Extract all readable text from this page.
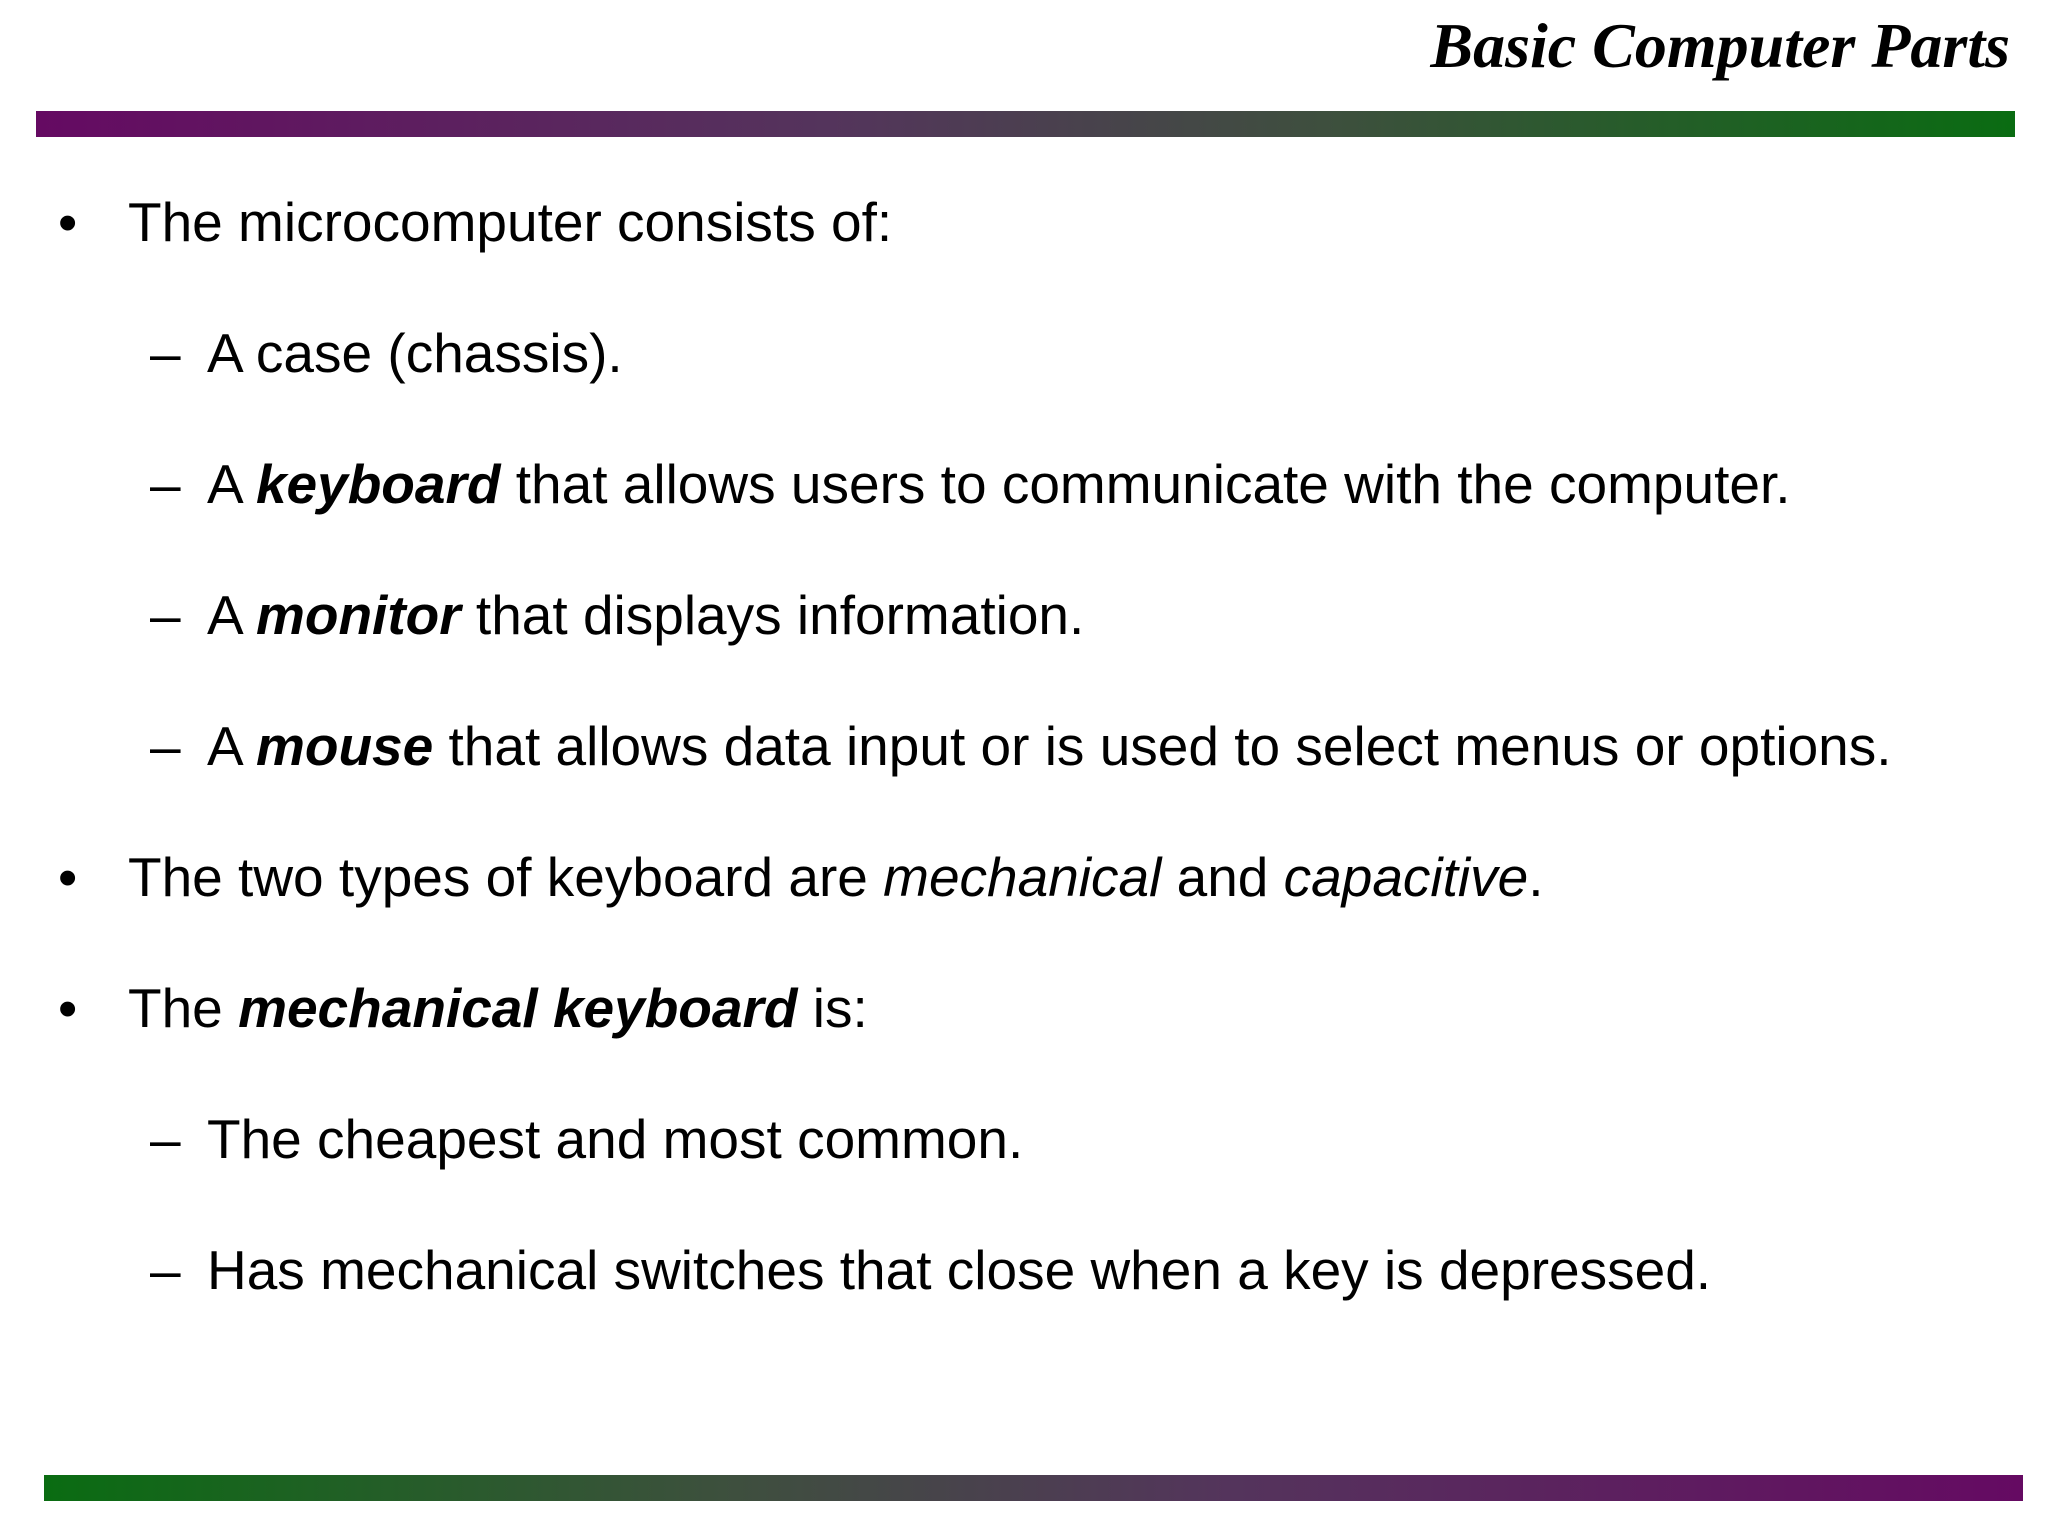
Basic Computer Parts
• The microcomputer consists of:
– A case (chassis).
– A keyboard that allows users to communicate with the computer.
– A monitor that displays information.
– A mouse that allows data input or is used to select menus or options.
• The two types of keyboard are mechanical and capacitive.
• The mechanical keyboard is:
– The cheapest and most common.
– Has mechanical switches that close when a key is depressed.
